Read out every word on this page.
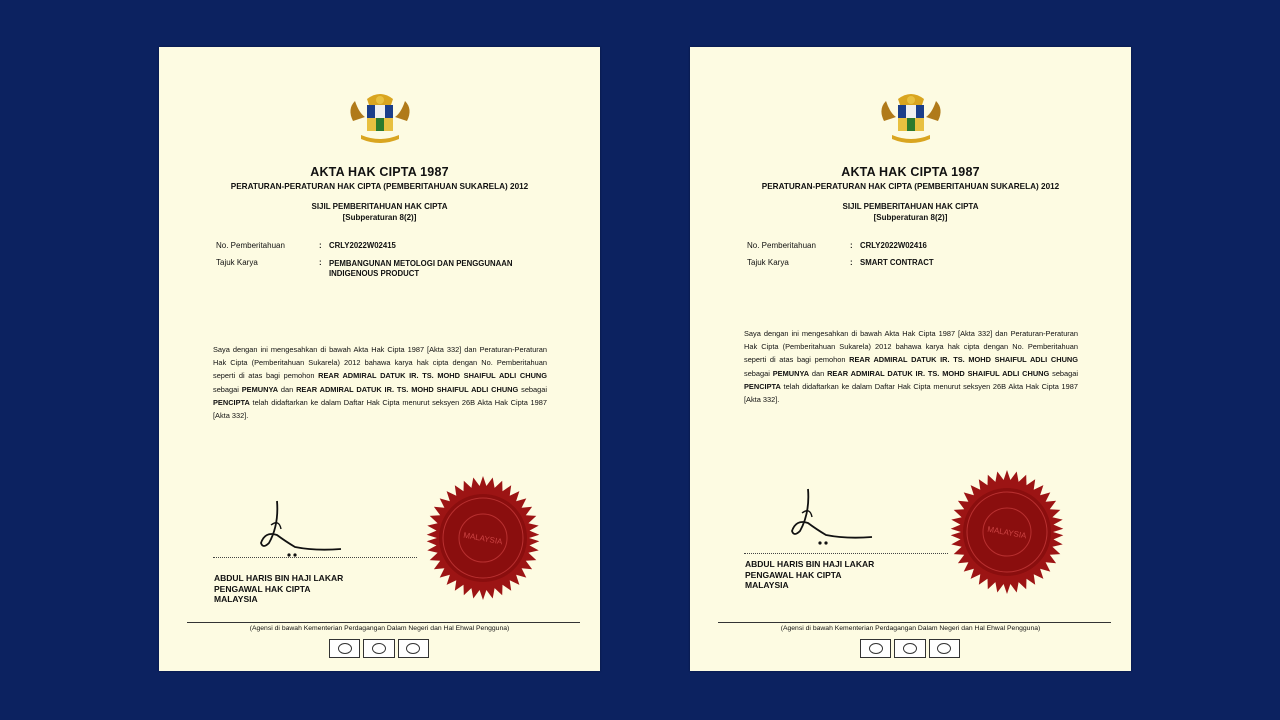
AKTA HAK CIPTA 1987
PERATURAN-PERATURAN HAK CIPTA (PEMBERITAHUAN SUKARELA) 2012
SIJIL PEMBERITAHUAN HAK CIPTA
[Subperaturan 8(2)]
No. Pemberitahuan	: CRLY2022W02415
Tajuk Karya	: PEMBANGUNAN METOLOGI DAN PENGGUNAAN INDIGENOUS PRODUCT
Saya dengan ini mengesahkan di bawah Akta Hak Cipta 1987 [Akta 332] dan Peraturan-Peraturan Hak Cipta (Pemberitahuan Sukarela) 2012 bahawa karya hak cipta dengan No. Pemberitahuan seperti di atas bagi pemohon REAR ADMIRAL DATUK IR. TS. MOHD SHAIFUL ADLI CHUNG sebagai PEMUNYA dan REAR ADMIRAL DATUK IR. TS. MOHD SHAIFUL ADLI CHUNG sebagai PENCIPTA telah didaftarkan ke dalam Daftar Hak Cipta menurut seksyen 26B Akta Hak Cipta 1987 [Akta 332].
ABDUL HARIS BIN HAJI LAKAR
PENGAWAL HAK CIPTA
MALAYSIA
MALAYSIA
(Agensi di bawah Kementerian Perdagangan Dalam Negeri dan Hal Ehwal Pengguna)
AKTA HAK CIPTA 1987
PERATURAN-PERATURAN HAK CIPTA (PEMBERITAHUAN SUKARELA) 2012
SIJIL PEMBERITAHUAN HAK CIPTA
[Subperaturan 8(2)]
No. Pemberitahuan	: CRLY2022W02416
Tajuk Karya	: SMART CONTRACT
Saya dengan ini mengesahkan di bawah Akta Hak Cipta 1987 [Akta 332] dan Peraturan-Peraturan Hak Cipta (Pemberitahuan Sukarela) 2012 bahawa karya hak cipta dengan No. Pemberitahuan seperti di atas bagi pemohon REAR ADMIRAL DATUK IR. TS. MOHD SHAIFUL ADLI CHUNG sebagai PEMUNYA dan REAR ADMIRAL DATUK IR. TS. MOHD SHAIFUL ADLI CHUNG sebagai PENCIPTA telah didaftarkan ke dalam Daftar Hak Cipta menurut seksyen 26B Akta Hak Cipta 1987 [Akta 332].
ABDUL HARIS BIN HAJI LAKAR
PENGAWAL HAK CIPTA
MALAYSIA
MALAYSIA
(Agensi di bawah Kementerian Perdagangan Dalam Negeri dan Hal Ehwal Pengguna)
